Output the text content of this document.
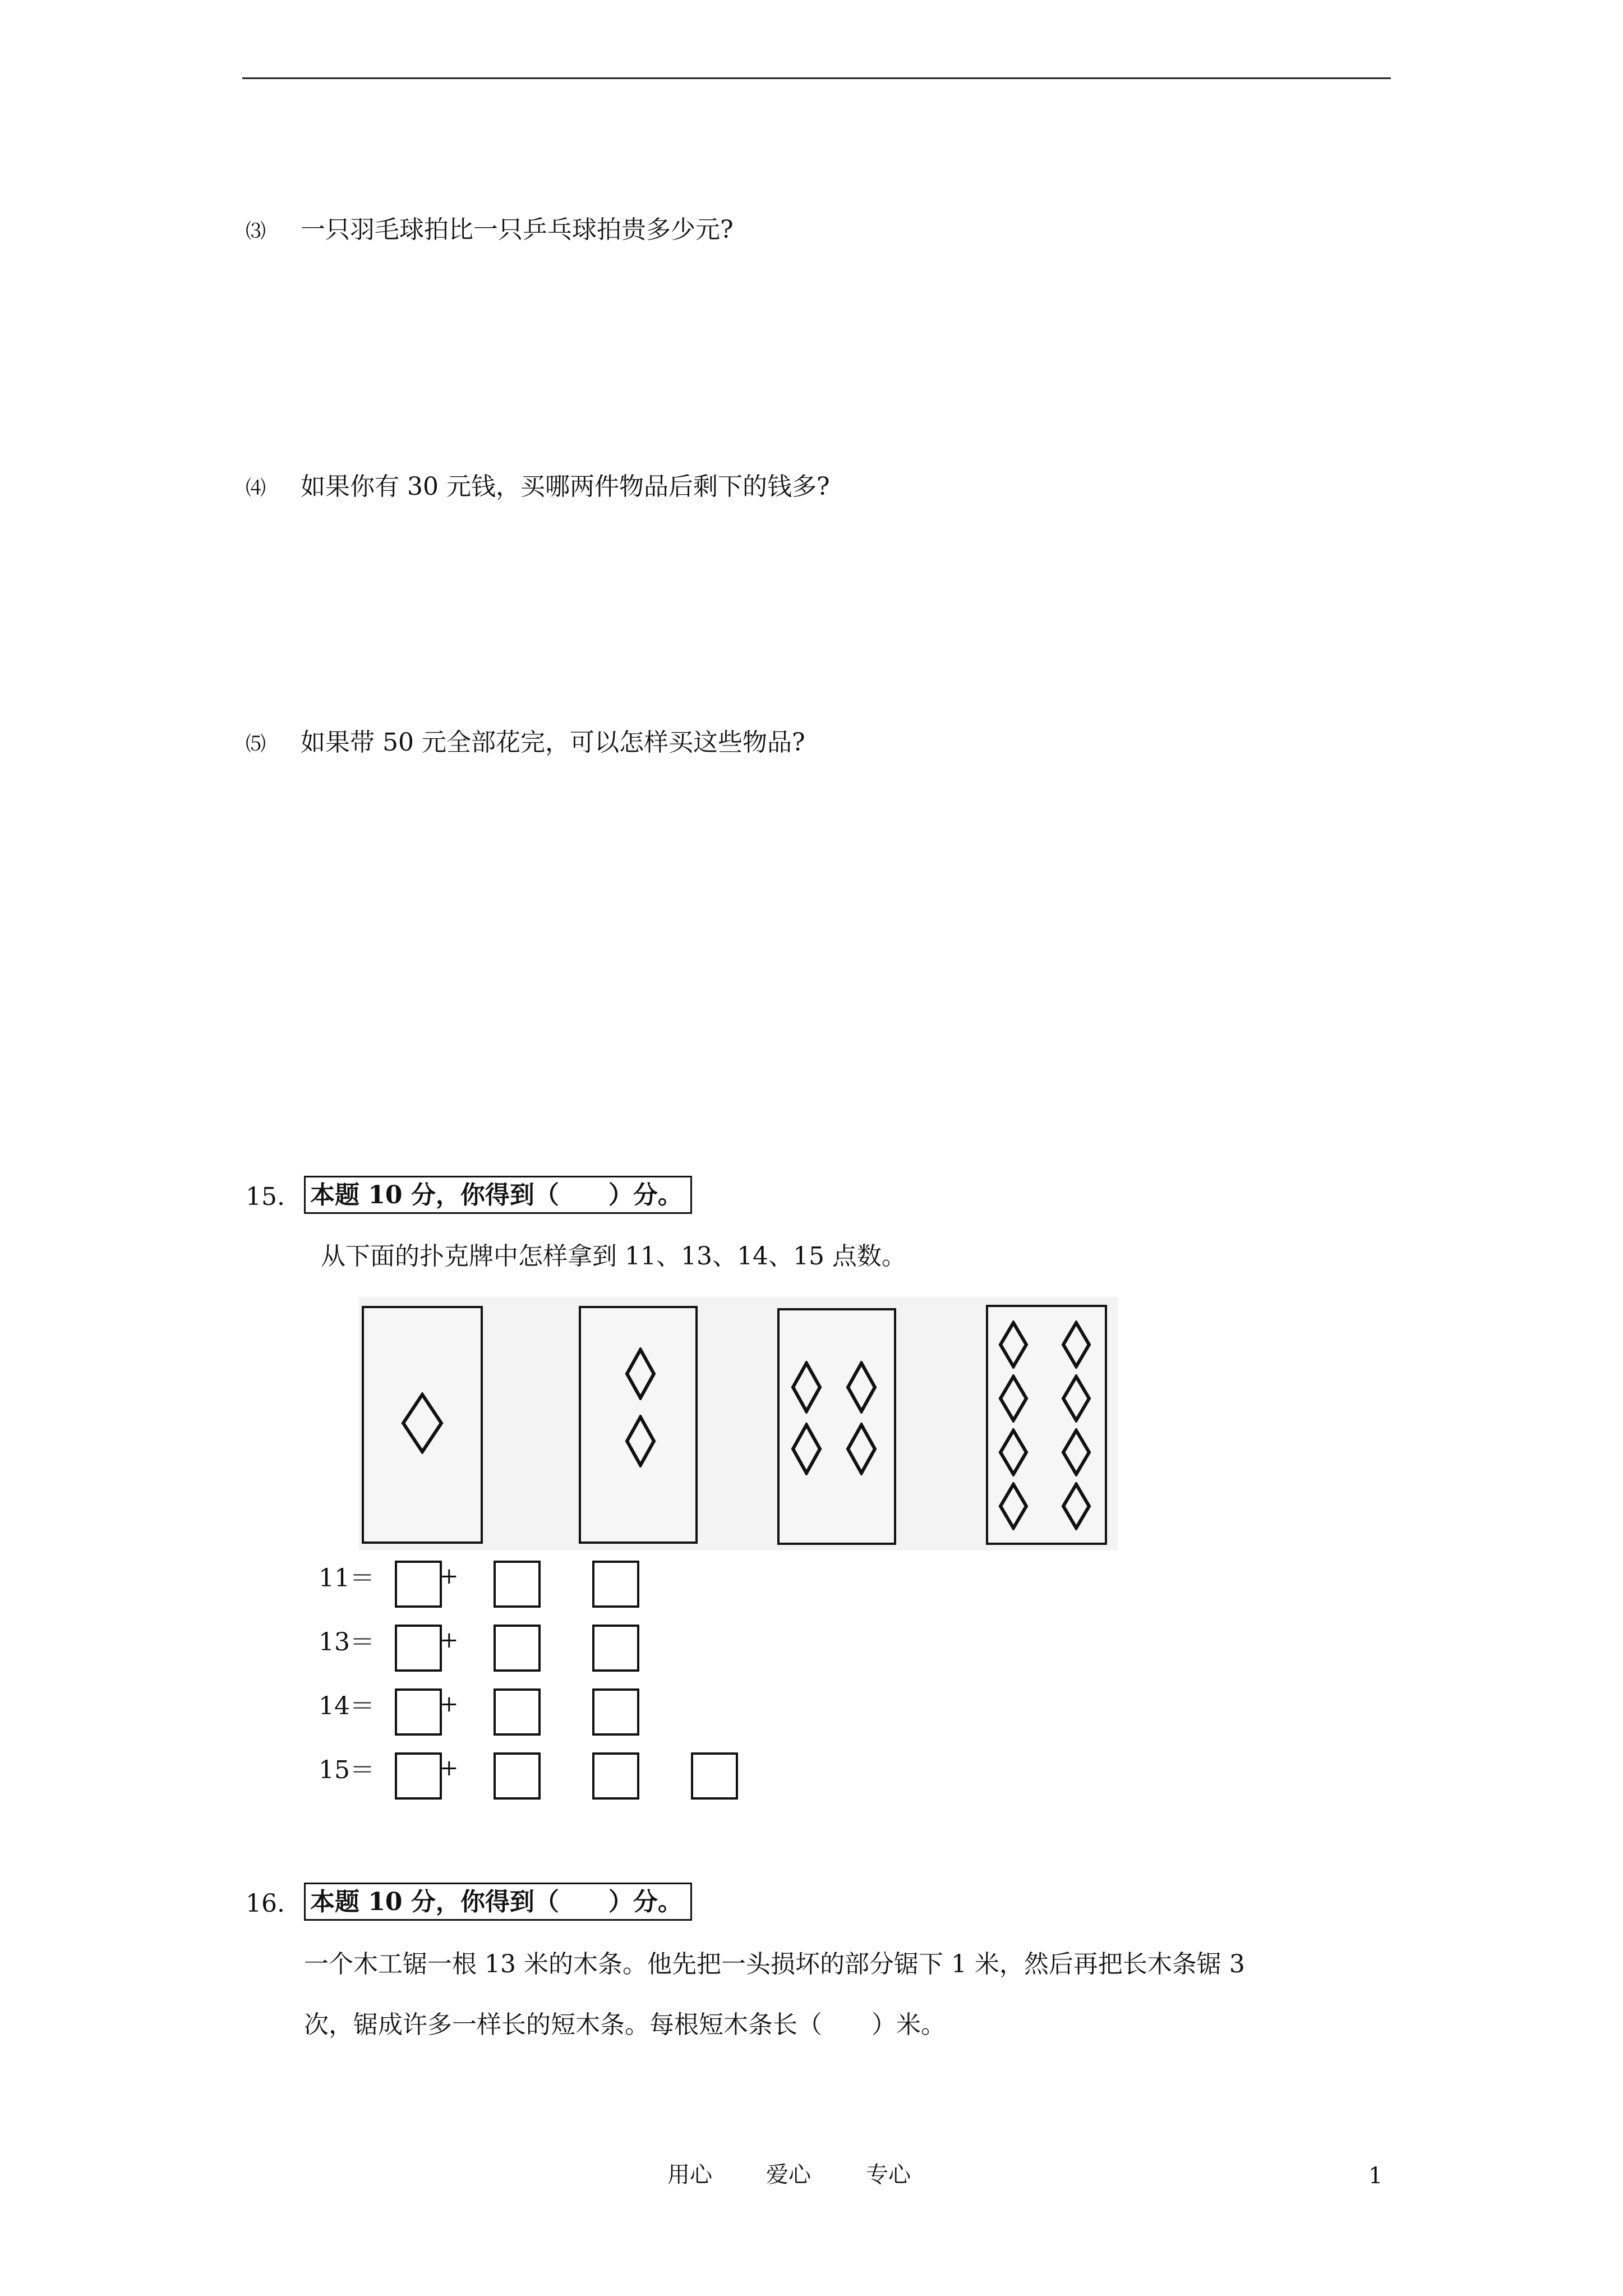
⑶ 一只羽毛球拍比一只乒乓球拍贵多少元?
⑷ 如果你有 30 元钱，买哪两件物品后剩下的钱多?
⑸ 如果带 50 元全部花完，可以怎样买这些物品?
15. 本题 10 分，你得到（　　）分。
从下面的扑克牌中怎样拿到 11、13、14、15 点数。
11＝	+
13＝	+
14＝	+
15＝	+
16. 本题 10 分，你得到（　　）分。
一个木工锯一根 13 米的木条。他先把一头损坏的部分锯下 1 米，然后再把长木条锯 3
次，锯成许多一样长的短木条。每根短木条长（　　）米。
用心 爱心 专心	1
